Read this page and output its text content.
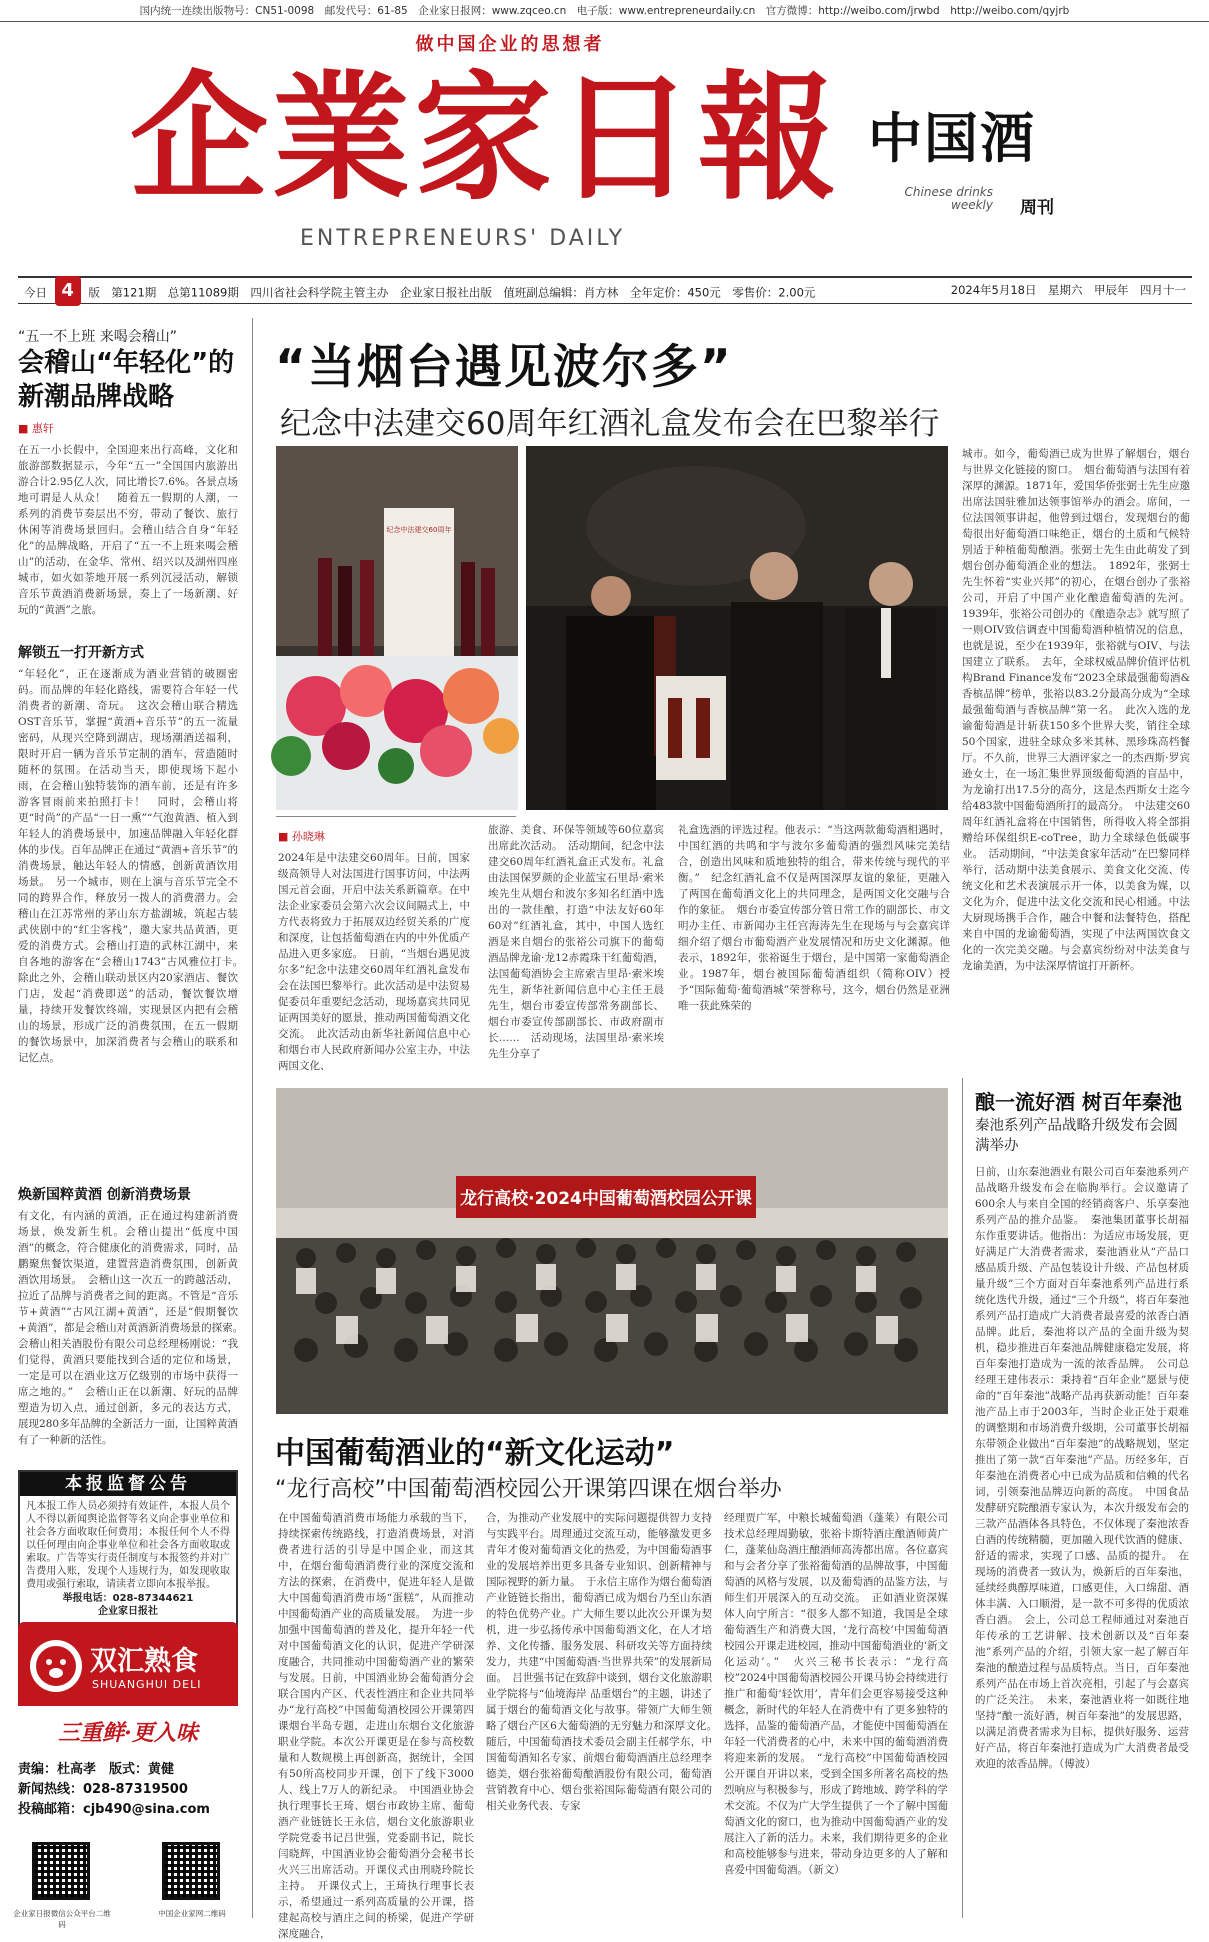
国内统一连续出版物号：CN51-0098　邮发代号：61-85　企业家日报网：www.zqceo.cn　电子版：www.entrepreneurdaily.cn　官方微博：http://weibo.com/jrwbd　http://weibo.com/qyjrb
做中国企业的思想者
企業家日報
ENTREPRENEURS' DAILY
中国酒
Chinese drinks weekly 周刊
今日 4 版　第121期　总第11089期　四川省社会科学院主管主办　企业家日报社出版　值班副总编辑：肖方林　全年定价：450元　零售价：2.00元	2024年5月18日　星期六　甲辰年　四月十一
“五一不上班 来喝会稽山”
会稽山“年轻化”的新潮品牌战略
■ 惠轩
在五一小长假中，全国迎来出行高峰，文化和旅游部数据显示，今年“五一”全国国内旅游出游合计2.95亿人次，同比增长7.6%。各景点场地可谓是人从众！　随着五一假期的人潮，一系列的消费节奏层出不穷，带动了餐饮、旅行休闲等消费场景回归。会稽山结合自身“年轻化”的品牌战略，开启了“五一不上班来喝会稽山”的活动，在金华、常州、绍兴以及湖州四座城市，如火如荼地开展一系列沉浸活动，解锁音乐节黄酒消费新场景，奏上了一场新潮、好玩的“黄酒”之旅。
解锁五一打开新方式
“年轻化”，正在逐渐成为酒业营销的破圈密码。而品牌的年轻化路线，需要符合年轻一代消费者的新潮、奇玩。　这次会稽山联合精选OST音乐节，掌握“黄酒+音乐节”的五一流量密码，从现兴空降到湖店，现场潮酒送福利，限时开启一辆为音乐节定制的酒车，营造随时随杯的氛围。在活动当天，即使现场下起小雨，在会稽山独特装饰的酒车前，还是有许多游客冒雨前来拍照打卡！　同时，会稽山将更“时尚”的产品“一日一熏”“气泡黄酒、植入到年轻人的消费场景中，加速品牌融入年轻化群体的步伐。百年品牌正在通过“黄酒+音乐节”的消费场景，触达年轻人的情感，创新黄酒饮用场景。　另一个城市，则在上演与音乐节完全不同的跨界合作，释放另一拨人的消费潜力。会稽山在江苏常州的茅山东方盐湖城，筑起古装武侠剧中的“红尘客栈”，邀大家共品黄酒，更爱的消费方式。会稽山打造的武林江湖中，来自各地的游客在“会稽山1743”古风雅位打卡。　除此之外，会稽山联动景区内20家酒店、餐饮门店，发起“消费即送”的活动，餐饮餐饮增量，持续开发餐饮终端，实现景区内把有会稽山的场景，形成广泛的消费氛围，在五一假期的餐饮场景中，加深消费者与会稽山的联系和记忆点。
焕新国粹黄酒 创新消费场景
有文化，有内涵的黄酒，正在通过构建新消费场景，焕发新生机。会稽山提出“低度中国酒”的概念，符合健康化的消费需求，同时，品鹏聚焦餐饮渠道，建置营造消费氛围，创新黄酒饮用场景。　会稽山这一次五一的跨越活动，拉近了品牌与消费者之间的距离。不管是“音乐节+黄酒”“古风江湖+黄酒”，还是“假期餐饮+黄酒”，都是会稽山对黄酒新消费场景的探索。　会稽山相关酒股份有限公司总经理杨刚说：“我们觉得，黄酒只要能找到合适的定位和场景，一定是可以在酒业这万亿级别的市场中获得一席之地的。”　会稽山正在以新潮、好玩的品牌塑造为切入点，通过创新，多元的表达方式，展现280多年品牌的全新活力一面，让国粹黄酒有了一种新的活性。
本报监督公告
凡本报工作人员必须持有效证件，本报人员个人不得以新闻舆论监督等名义向企事业单位和社会各方面收取任何费用；本报任何个人不得以任何理由向企事业单位和社会各方面收取或索取。广告等实行责任制度与本报签约并对广告费用入账，发现个人违规行为，如发现收取费用或强行索取，请读者立即向本报举报。
举报电话：028-87344621
企业家日报社
双汇熟食
SHUANGHUI DELI
三重鲜·更入味
责编：杜高孝　版式：黄健
新闻热线：028-87319500
投稿邮箱：cjb490@sina.com
企业家日报微信公众平台二维码
中国企业家网二维码
“当烟台遇见波尔多”
纪念中法建交60周年红酒礼盒发布会在巴黎举行
纪念中法建交60周年
■ 孙晓琳
2024年是中法建交60周年。日前，国家级高领导人对法国进行国事访问，中法两国元首会面，开启中法关系新篇章。在中法企业家委员会第六次会议间隔式上，中方代表将致力于拓展双边经贸关系的广度和深度，让包括葡萄酒在内的中外优质产品进入更多家庭。　日前，“当烟台遇见波尔多”纪念中法建交60周年红酒礼盒发布会在法国巴黎举行。此次活动是中法贸易促委员年重要纪念活动，现场嘉宾共同见证两国美好的愿景，推动两国葡萄酒文化交流。　此次活动由新华社新闻信息中心和烟台市人民政府新闻办公室主办，中法两国文化、
旅游、美食、环保等领域等60位嘉宾出席此次活动。　活动期间，纪念中法建交60周年红酒礼盒正式发布。礼盒由法国保罗颜的企业蓝宝石里昂·索米埃先生从烟台和波尔多知名红酒中选出的一款佳酿，打造“中法友好60年60对”红酒礼盒，其中，中国人选红酒是来自烟台的张裕公司旗下的葡萄酒品牌龙谕·龙12赤霞珠干红葡萄酒，法国葡萄酒协会主席索吉里昂·索米埃先生，新华社新闻信息中心主任王晨先生，烟台市委宣传部常务副部长、烟台市委宣传部副部长、市政府副市长……　活动现场，法国里昂·索米埃先生分享了
礼盒选酒的评选过程。他表示：“当这两款葡萄酒相遇时，中国红酒的共鸣和宇与波尔多葡萄酒的强烈风味完美结合，创造出风味和质地独特的组合，带来传统与现代的平衡。”　纪念红酒礼盒不仅是两国深厚友谊的象征，更融入了两国在葡萄酒文化上的共同理念，是两国文化交融与合作的象征。　烟台市委宣传部分管日常工作的副部长、市文明办主任、市新闻办主任宫海涛先生在现场与与会嘉宾详细介绍了烟台市葡萄酒产业发展情况和历史文化渊源。他表示，1892年，张裕诞生于烟台，是中国第一家葡萄酒企业。1987年，烟台被国际葡萄酒组织（简称OIV）授予“国际葡萄·葡萄酒城”荣誉称号，这今，烟台仍然是亚洲唯一获此殊荣的
城市。如今，葡萄酒已成为世界了解烟台，烟台与世界文化链接的窗口。　烟台葡萄酒与法国有着深厚的渊源。1871年，爱国华侨张弼士先生应邀出席法国驻雅加达领事馆举办的酒会。席间，一位法国领事讲起，他曾到过烟台，发现烟台的葡萄很出好葡萄酒口味绝正，烟台的土质和气候特别适于种植葡萄酿酒。张弼士先生由此萌发了到烟台创办葡萄酒企业的想法。　1892年，张弼士先生怀着“实业兴邦”的初心，在烟台创办了张裕公司，开启了中国产业化酿造葡萄酒的先河。1939年，张裕公司创办的《酿造杂志》就写照了一则OIV致信调查中国葡萄酒种植情况的信息，也就是说，至少在1939年，张裕就与OIV、与法国建立了联系。　去年，全球权威品牌价值评估机构Brand Finance发布“2023全球最强葡萄酒&香槟品牌”榜单，张裕以83.2分最高分成为“全球最强葡萄酒与香槟品牌”第一名。　此次入选的龙谕葡萄酒是计斩获150多个世界大奖，销往全球50个国家，进驻全球众多米其林、黑珍珠高档餐厅。不久前，世界三大酒评家之一的杰西斯·罗宾逊女士，在一场汇集世界顶级葡萄酒的盲品中，为龙谕打出17.5分的高分，这是杰西斯女士迄今给483款中国葡萄酒所打的最高分。　中法建交60周年红酒礼盒将在中国销售，所得收入将全部捐赠给环保组织E-coTree，助力全球绿色低碳事业。　活动期间，“中法美食家年活动”在巴黎同样举行，活动期中法美食展示、美食文化交流、传统文化和艺术表演展示开一体，以美食为媒，以文化为介，促进中法文化交流和民心相通。中法大厨现场携手合作，融合中餐和法餐特色，搭配来自中国的龙谕葡萄酒，实现了中法两国饮食文化的一次完美交融。与会嘉宾纷纷对中法美食与龙谕美酒，为中法深厚情谊打开新杯。
龙行高校·2024中国葡萄酒校园公开课
中国葡萄酒业的“新文化运动”
“龙行高校”中国葡萄酒校园公开课第四课在烟台举办
在中国葡萄酒消费市场能力承载的当下，持续探索传统路线，打造消费场景，对消费者进行活的引导是中国企业，而这其中，在烟台葡萄酒消费行业的深度交流和方法的探索，在消费中，促进年轻人是做大中国葡萄酒消费市场“蛋糕”，从而推动中国葡萄酒产业的高质量发展。　为进一步加强中国葡萄酒的普及化，提升年轻一代对中国葡萄酒文化的认识，促进产学研深度融合，共同推动中国葡萄酒产业的繁荣与发展。日前，中国酒业协会葡萄酒分会联合国内产区、代表性酒庄和企业共同举办“龙行高校”中国葡萄酒校园公开课第四课烟台半岛专题，走进山东烟台文化旅游职业学院。本次公开课更是在参与高校数量和人数规模上再创新高，据统计，全国有50所高校同步开课，创下了线下3000人、线上7万人的新纪录。　中国酒业协会执行理事长王琦、烟台市政协主席、葡萄酒产业链链长王永信，烟台文化旅游职业学院党委书记吕世强，党委副书记，院长闫晓辉，中国酒业协会葡萄酒分会秘书长火兴三出席活动。开课仪式由刑晓玲院长主持。　开课仪式上，王琦执行理事长表示，希望通过一系列高质量的公开课，搭建起高校与酒庄之间的桥梁，促进产学研深度融合，
合，为推动产业发展中的实际问题提供智力支持与实践平台。周理通过交流互动，能够激发更多青年才俊对葡萄酒文化的热爱，为中国葡萄酒事业的发展培养出更多具备专业知识、创新精神与国际视野的新力量。　于永信主席作为烟台葡萄酒产业链链长指出，葡萄酒已成为烟台乃至山东酒的特色优势产业。广大师生要以此次公开课为契机，进一步弘扬传承中国葡萄酒文化，在人才培养、文化传播、服务发展、科研攻关等方面持续发力，共建“中国葡萄酒·当世界共荣”的发展新局面。　吕世强书记在致辞中谈到，烟台文化旅游职业学院将与“仙境海岸 品重烟台”的主题，讲述了属于烟台的葡萄酒文化与故事。带领广大师生领略了烟台产区6大葡萄酒的无穷魅力和深厚文化。　随后，中国葡萄酒技术委员会副主任郝学东，中国葡萄酒知名专家、前烟台葡萄酒酒庄总经理李德美，烟台张裕葡萄酿酒股份有限公司，葡萄酒营销教育中心、烟台张裕国际葡萄酒有限公司的相关业务代表、专家
经理贾广军，中粮长城葡萄酒（蓬莱）有限公司技术总经理周勤敏，张裕卡斯特酒庄酿酒师黄广仁，蓬莱仙岛酒庄酿酒师高涛都出席。各位嘉宾和与会者分享了张裕葡萄酒的品牌故事，中国葡萄酒的风格与发展，以及葡萄酒的品鉴方法，与师生们开展深入的互动交流。　正如酒业资深媒体人向宁所言：“很多人都不知道，我国是全球葡萄酒生产和消费大国，‘龙行高校’中国葡萄酒校园公开课走进校园，推动中国葡萄酒业的‘新文化运动’。”　火兴三秘书长表示：“龙行高校”2024中国葡萄酒校园公开课马协会持续进行推广和葡萄‘轻饮用’，青年们会更容易接受这种概念，新时代的年轻人在消费中有了更多独特的选择，品鉴的葡萄酒产品，才能使中国葡萄酒在年轻一代消费者的心中，未来中国的葡萄酒消费将迎来新的发展。　“龙行高校”中国葡萄酒校园公开课自开讲以来，受到全国多所著名高校的热烈响应与积极参与，形成了跨地域、跨学科的学术交流。不仅为广大学生提供了一个了解中国葡萄酒文化的窗口，也为推动中国葡萄酒产业的发展注入了新的活力。未来，我们期待更多的企业和高校能够参与进来，带动身边更多的人了解和喜爱中国葡萄酒。（新文）
酿一流好酒 树百年秦池
秦池系列产品战略升级发布会圆满举办
日前，山东秦池酒业有限公司百年秦池系列产品战略升级发布会在临朐举行。会议邀请了600余人与来自全国的经销商客户、乐享秦池系列产品的推介品鉴。　秦池集团董事长胡福东作重要讲话。他指出：为适应市场发展，更好满足广大消费者需求，秦池酒业从“产品口感品质升级、产品包装设计升级、产品包材质量升级”三个方面对百年秦池系列产品进行系统化迭代升级，通过“三个升级”，将百年秦池系列产品打造成广大消费者最喜爱的浓香白酒品牌。此后，秦池将以产品的全面升级为契机，稳步推进百年秦池品牌健康稳定发展，将百年秦池打造成为一流的浓香品牌。　公司总经理王建伟表示：秉持着“百年企业”愿景与使命的“百年秦池”战略产品再获新动能！百年秦池产品上市于2003年，当时企业正处于艰难的调整期和市场消费升级期，公司董事长胡福东带领企业做出“百年秦池”的战略规划，坚定推出了第一款“百年秦池”产品。历经多年，百年秦池在消费者心中已成为品质和信赖的代名词，引领秦池品牌迈向新的高度。　中国食品发酵研究院酿酒专家认为，本次升级发布会的三款产品酒体各具特色，不仅体现了秦池浓香白酒的传统精髓，更加融入现代饮酒的健康、舒适的需求，实现了口感、品质的提升。　在现场的消费者一致认为，焕新后的百年秦池，延续经典醇厚味道，口感更佳，入口绵甜、酒体丰满、入口顺滑，是一款不可多得的优质浓香白酒。　会上，公司总工程师通过对秦池百年传承的工艺讲解、技术创新以及“百年秦池”系列产品的介绍，引领大家一起了解百年秦池的酿造过程与品质特点。当日，百年秦池系列产品在市场上首次亮相，引起了与会嘉宾的广泛关注。　未来，秦池酒业将一如既往地坚持“酿一流好酒，树百年秦池”的发展思路，以满足消费者需求为目标，提供好服务、运营好产品，将百年秦池打造成为广大消费者最受欢迎的浓香品牌。（傅波）
